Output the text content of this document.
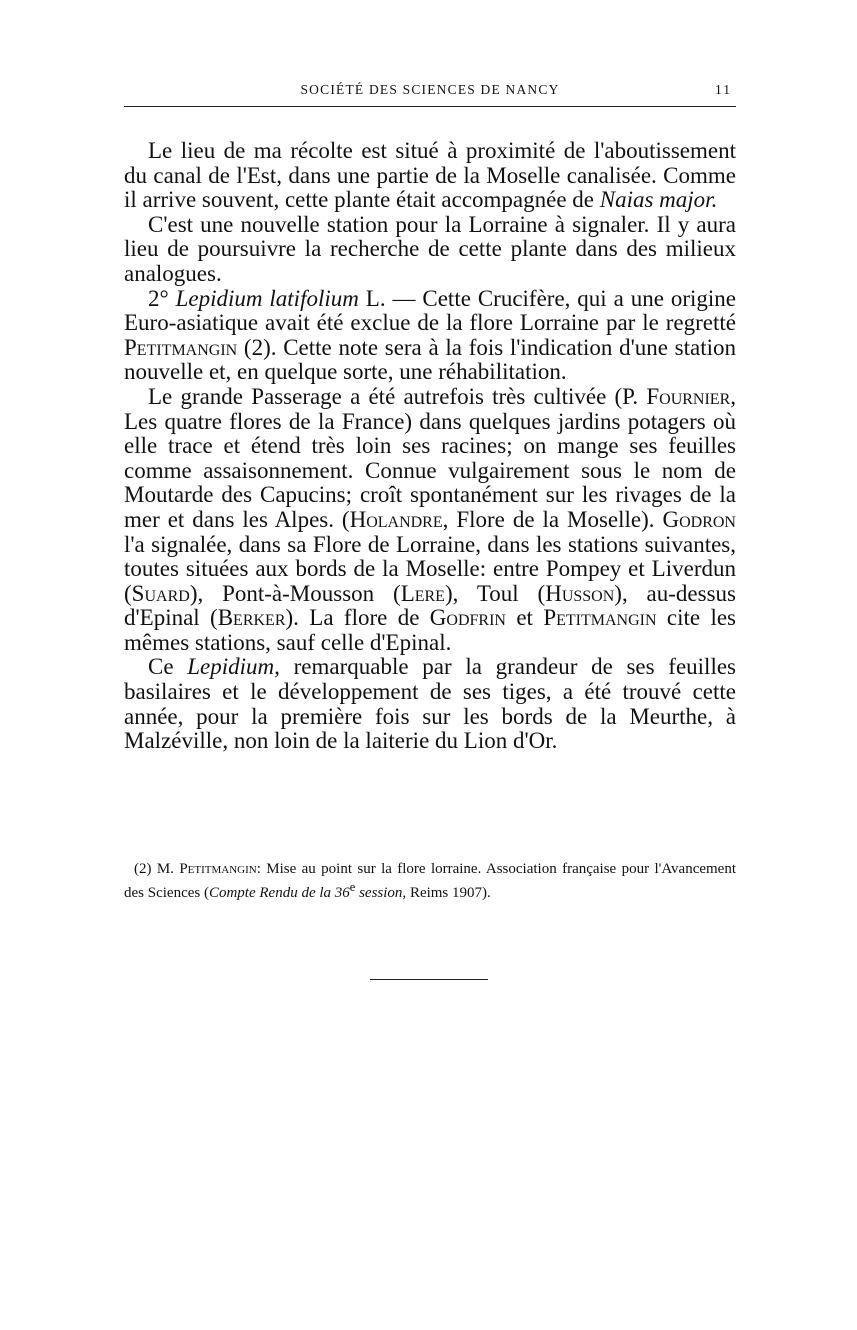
SOCIÉTÉ DES SCIENCES DE NANCY	11

Le lieu de ma récolte est situé à proximité de l'aboutissement du canal de l'Est, dans une partie de la Moselle canalisée. Comme il arrive souvent, cette plante était accompagnée de Naias major.

C'est une nouvelle station pour la Lorraine à signaler. Il y aura lieu de poursuivre la recherche de cette plante dans des milieux analogues.

2° Lepidium latifolium L. — Cette Crucifère, qui a une origine Euro-asiatique avait été exclue de la flore Lorraine par le regretté Petitmangin (2). Cette note sera à la fois l'indication d'une station nouvelle et, en quelque sorte, une réhabilitation.

Le grande Passerage a été autrefois très cultivée (P. Fournier, Les quatre flores de la France) dans quelques jardins potagers où elle trace et étend très loin ses racines; on mange ses feuilles comme assaisonnement. Connue vulgairement sous le nom de Moutarde des Capucins; croît spontanément sur les rivages de la mer et dans les Alpes. (Holandre, Flore de la Moselle). Godron l'a signalée, dans sa Flore de Lorraine, dans les stations suivantes, toutes situées aux bords de la Moselle: entre Pompey et Liverdun (Suard), Pont-à-Mousson (Lere), Toul (Husson), au-dessus d'Epinal (Berker). La flore de Godfrin et Petitmangin cite les mêmes stations, sauf celle d'Epinal.

Ce Lepidium, remarquable par la grandeur de ses feuilles basilaires et le développement de ses tiges, a été trouvé cette année, pour la première fois sur les bords de la Meurthe, à Malzéville, non loin de la laiterie du Lion d'Or.

(2) M. Petitmangin: Mise au point sur la flore lorraine. Association française pour l'Avancement des Sciences (Compte Rendu de la 36e session, Reims 1907).
